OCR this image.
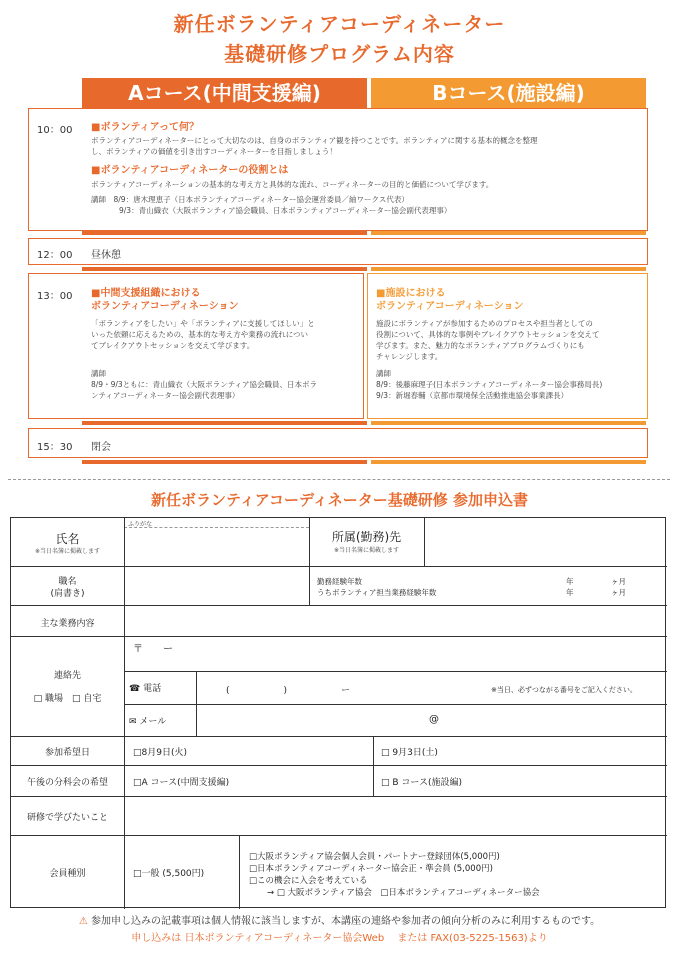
新任ボランティアコーディネーター
基礎研修プログラム内容
Aコース(中間支援編)	Bコース(施設編)
10：00 ■ボランティアって何？
ボランティアコーディネーターにとって大切なのは、自身のボランティア観を持つことです。ボランティアに関する基本的概念を整理
し、ボランティアの価値を引き出すコーディネーターを目指しましょう！
■ボランティアコーディネーターの役割とは
ボランティアコーディネーションの基本的な考え方と具体的な流れ、コーディネーターの目的と価値について学びます。
講師　8/9：唐木理恵子（日本ボランティアコーディネーター協会運営委員／紬ワークス代表）
9/3：青山織衣（大阪ボランティア協会職員、日本ボランティアコーディネーター協会副代表理事）
12：00 昼休憩
13：00 ■中間支援組織における
ボランティアコーディネーション
「ボランティアをしたい」や「ボランティアに支援してほしい」と
いった依頼に応えるための、基本的な考え方や業務の流れについ
てブレイクアウトセッションを交えて学びます。
講師
8/9・9/3ともに：青山織衣（大阪ボランティア協会職員、日本ボラ
ンティアコーディネーター協会副代表理事）
■施設における
ボランティアコーディネーション
施設にボランティアが参加するためのプロセスや担当者としての
役割について、具体的な事例やブレイクアウトセッションを交えて
学びます。また、魅力的なボランティアプログラムづくりにも
チャレンジします。
講師
8/9：後藤麻理子(日本ボランティアコーディネーター協会事務局長)
9/3：新堀春輔（京都市環境保全活動推進協会事業課長）
15：30 閉会
新任ボランティアコーディネーター基礎研修 参加申込書
氏名
※当日名簿に掲載します
ふりがな
所属(勤務)先
※当日名簿に掲載します
職名
(肩書き)
勤務経験年数
うちボランティア担当業務経験年数
年	ヶ月
年	ヶ月
主な業務内容
連絡先
□ 職場　□ 自宅
〒　　ー
☎ 電話	(　　　　　　)　　　　　　ー	※当日、必ずつながる番号をご記入ください。
✉ メール	@
参加希望日	□8月9日(火)	□ 9月3日(土)
午後の分科会の希望	□A コース(中間支援編)	□ B コース(施設編)
研修で学びたいこと
会員種別	□一般 (5,500円)
□大阪ボランティア協会個人会員・パートナー登録団体(5,000円)
□日本ボランティアコーディネーター協会正・準会員 (5,000円)
□この機会に入会を考えている
→ □ 大阪ボランティア協会　□日本ボランティアコーディネーター協会
⚠ 参加申し込みの記載事項は個人情報に該当しますが、本講座の連絡や参加者の傾向分析のみに利用するものです。
申し込みは 日本ボランティアコーディネーター協会Web　 または FAX(03-5225-1563)より
